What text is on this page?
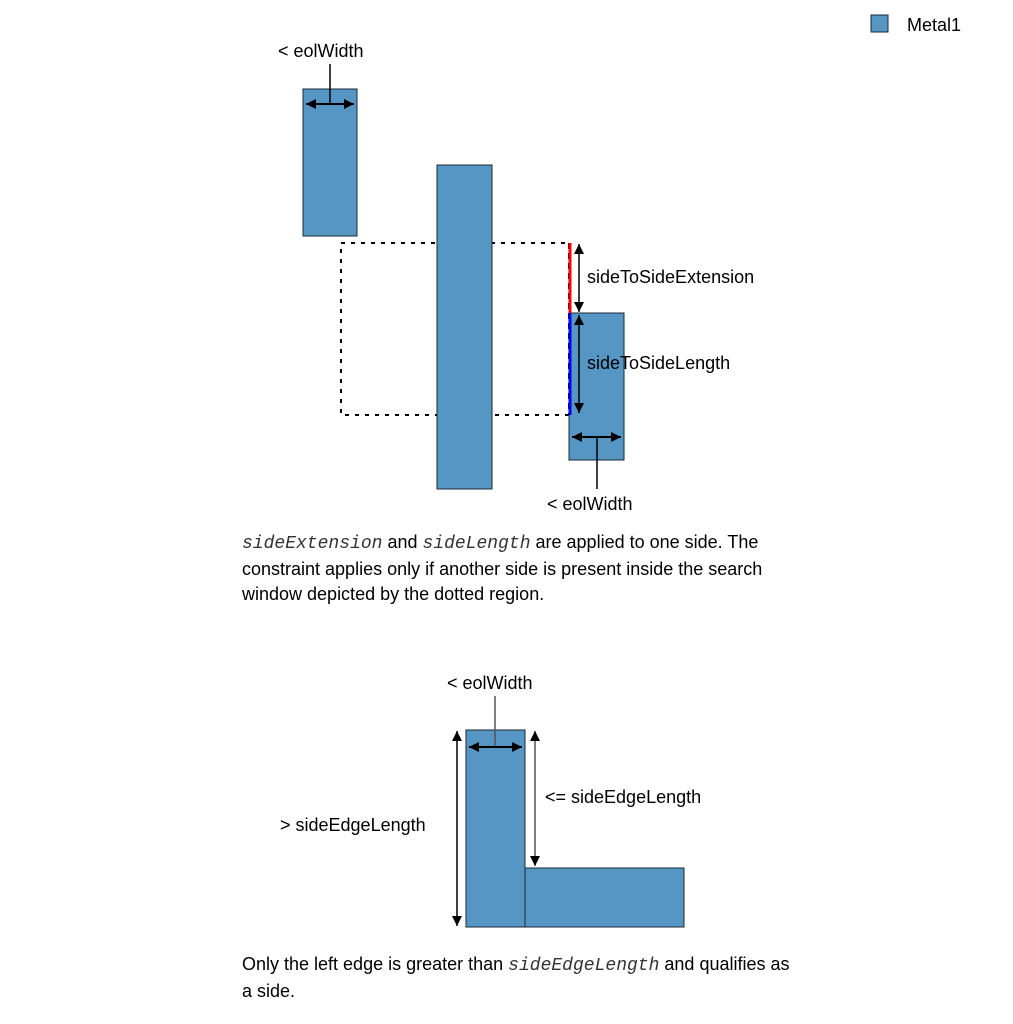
Metal1
< eolWidth
sideToSideExtension
sideToSideLength
< eolWidth
< eolWidth
> sideEdgeLength
<= sideEdgeLength

sideExtension and sideLength are applied to one side. The constraint applies only if another side is present inside the search window depicted by the dotted region.

Only the left edge is greater than sideEdgeLength and qualifies as a side.
